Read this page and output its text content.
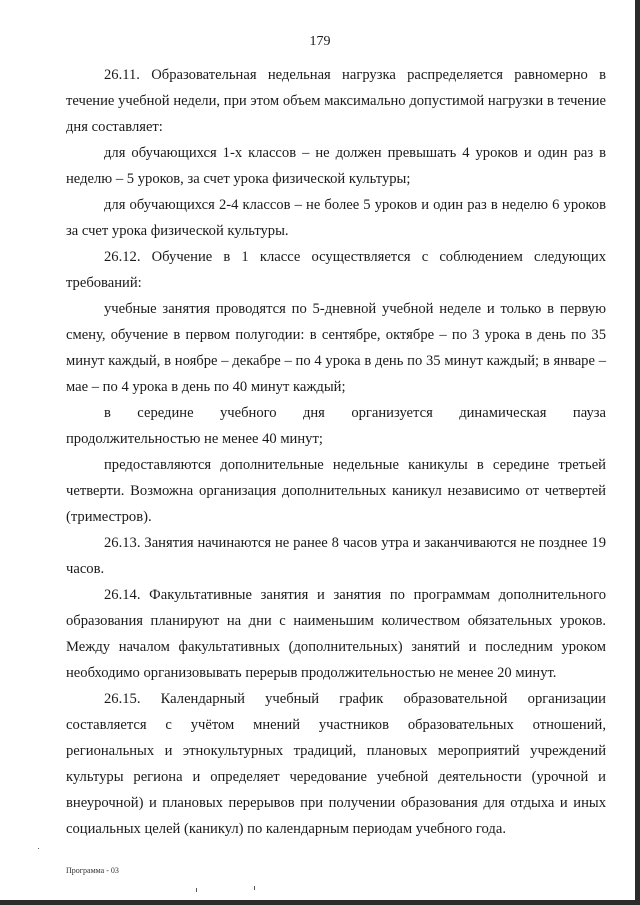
179

26.11. Образовательная недельная нагрузка распределяется равномерно в течение учебной недели, при этом объем максимально допустимой нагрузки в течение дня составляет:

для обучающихся 1-х классов – не должен превышать 4 уроков и один раз в неделю – 5 уроков, за счет урока физической культуры;

для обучающихся 2-4 классов – не более 5 уроков и один раз в неделю 6 уроков за счет урока физической культуры.

26.12. Обучение в 1 классе осуществляется с соблюдением следующих требований:

учебные занятия проводятся по 5-дневной учебной неделе и только в первую смену, обучение в первом полугодии: в сентябре, октябре – по 3 урока в день по 35 минут каждый, в ноябре – декабре – по 4 урока в день по 35 минут каждый; в январе – мае – по 4 урока в день по 40 минут каждый;

в середине учебного дня организуется динамическая пауза продолжительностью не менее 40 минут;

предоставляются дополнительные недельные каникулы в середине третьей четверти. Возможна организация дополнительных каникул независимо от четвертей (триместров).

26.13. Занятия начинаются не ранее 8 часов утра и заканчиваются не позднее 19 часов.

26.14. Факультативные занятия и занятия по программам дополнительного образования планируют на дни с наименьшим количеством обязательных уроков. Между началом факультативных (дополнительных) занятий и последним уроком необходимо организовывать перерыв продолжительностью не менее 20 минут.

26.15. Календарный учебный график образовательной организации составляется с учётом мнений участников образовательных отношений, региональных и этнокультурных традиций, плановых мероприятий учреждений культуры региона и определяет чередование учебной деятельности (урочной и внеурочной) и плановых перерывов при получении образования для отдыха и иных социальных целей (каникул) по календарным периодам учебного года.

Программа - 03
